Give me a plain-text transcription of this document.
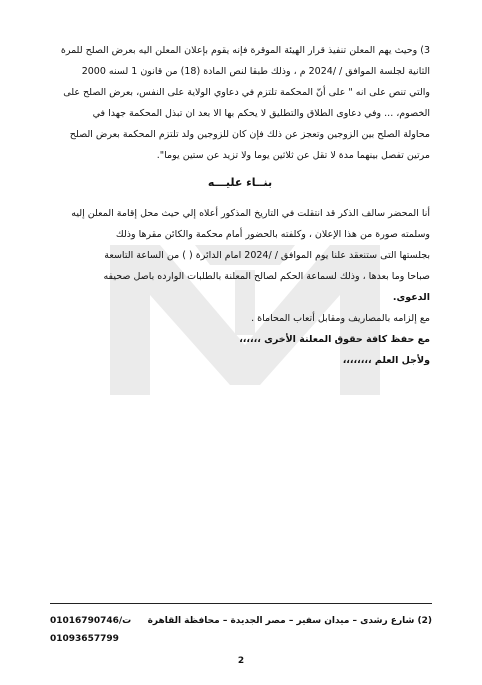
3) وحيث يهم المعلن تنفيذ قرار الهيئة الموقرة فإنه يقوم بإعلان المعلن اليه بعرض الصلح للمرة
الثانية لجلسة الموافق / /2024 م ، وذلك طبقا لنص المادة (18) من قانون 1 لسنه 2000
والتي تنص على انه " على أنّ المحكمة تلتزم في دعاوي الولاية على النفس، بعرض الصلح على
الخصوم، ... وفي دعاوى الطلاق والتطليق لا يحكم بها الا بعد ان تبذل المحكمة جهدا في
محاولة الصلح بين الزوجين وتعجز عن ذلك فإن كان للزوجين ولد تلتزم المحكمة بعرض الصلح
مرتين تفصل بينهما مدة لا تقل عن ثلاثين يوما ولا تزيد عن ستين يوما".
بنــاء عليـــه
أنا المحضر سالف الذكر قد انتقلت في التاريخ المذكور أعلاه إلي حيث محل إقامة المعلن إليه
وسلمته صورة من هذا الإعلان ، وكلفته بالحضور أمام محكمة والكائن مقرها وذلك
بجلستها التى ستنعقد علنا يوم الموافق / /2024 امام الدائرة ( ) من الساعة التاسعة
صباحا وما بعدها ، وذلك لسماعة الحكم لصالح المعلنة بالطلبات الوارده باصل صحيفه
الدعوى.
مع إلزامه بالمصاريف ومقابل أتعاب المحاماة .
مع حفظ كافة حقوق المعلنة الأخرى ،،،،،،
ولأجل العلم ،،،،،،،،
(2) شارع رشدى – ميدان سفير – مصر الجديدة – محافظة القاهرة
ت/01016790746
01093657799
2
